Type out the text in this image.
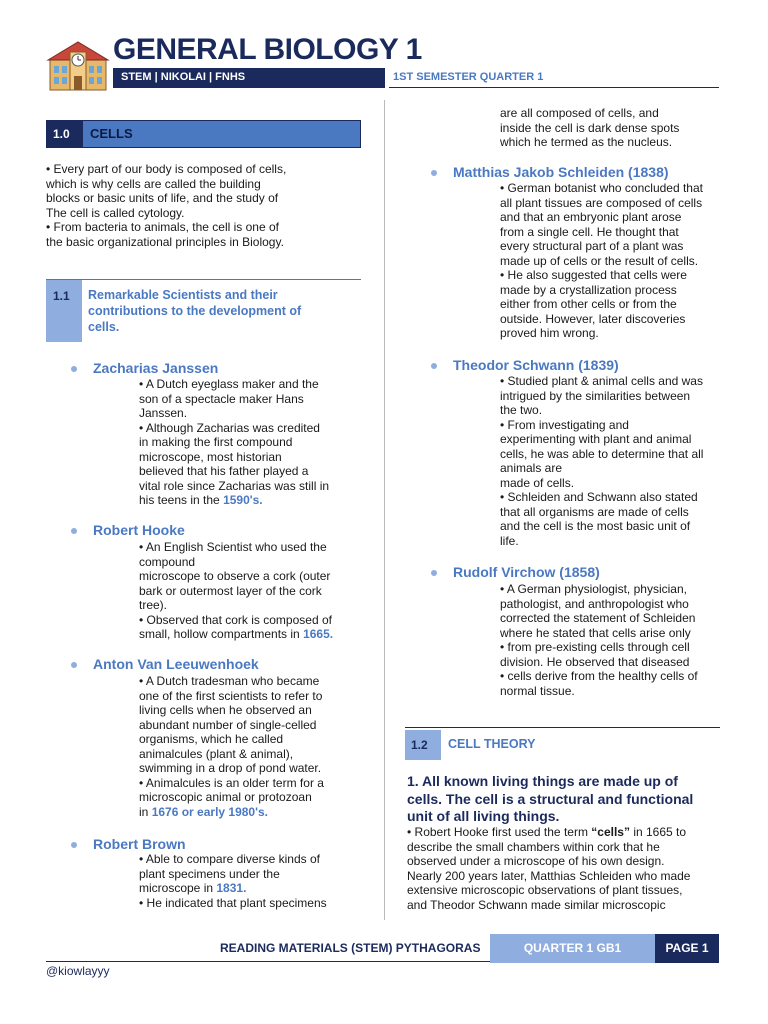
GENERAL BIOLOGY 1
STEM | NIKOLAI | FNHS	1ST SEMESTER QUARTER 1
1.0	CELLS
• Every part of our body is composed of cells,
which is why cells are called the building
blocks or basic units of life, and the study of
The cell is called cytology.
• From bacteria to animals, the cell is one of
the basic organizational principles in Biology.
1.1	Remarkable Scientists and their
contributions to the development of
cells.
Zacharias Janssen
• A Dutch eyeglass maker and the
son of a spectacle maker Hans
Janssen.
• Although Zacharias was credited
in making the first compound
microscope, most historian
believed that his father played a
vital role since Zacharias was still in
his teens in the 1590's.
Robert Hooke
• An English Scientist who used the
compound
microscope to observe a cork (outer
bark or outermost layer of the cork
tree).
• Observed that cork is composed of
small, hollow compartments in 1665.
Anton Van Leeuwenhoek
• A Dutch tradesman who became
one of the first scientists to refer to
living cells when he observed an
abundant number of single-celled
organisms, which he called
animalcules (plant & animal),
swimming in a drop of pond water.
• Animalcules is an older term for a
microscopic animal or protozoan
in 1676 or early 1980's.
Robert Brown
• Able to compare diverse kinds of
plant specimens under the
microscope in 1831.
• He indicated that plant specimens
are all composed of cells, and
inside the cell is dark dense spots
which he termed as the nucleus.
Matthias Jakob Schleiden (1838)
• German botanist who concluded that
all plant tissues are composed of cells
and that an embryonic plant arose
from a single cell. He thought that
every structural part of a plant was
made up of cells or the result of cells.
• He also suggested that cells were
made by a crystallization process
either from other cells or from the
outside. However, later discoveries
proved him wrong.
Theodor Schwann (1839)
• Studied plant & animal cells and was
intrigued by the similarities between
the two.
• From investigating and
experimenting with plant and animal
cells, he was able to determine that all
animals are
made of cells.
• Schleiden and Schwann also stated
that all organisms are made of cells
and the cell is the most basic unit of
life.
Rudolf Virchow (1858)
• A German physiologist, physician,
pathologist, and anthropologist who
corrected the statement of Schleiden
where he stated that cells arise only
• from pre-existing cells through cell
division. He observed that diseased
• cells derive from the healthy cells of
normal tissue.
1.2	CELL THEORY
1. All known living things are made up of
cells. The cell is a structural and functional
unit of all living things.
• Robert Hooke first used the term “cells” in 1665 to
describe the small chambers within cork that he
observed under a microscope of his own design.
Nearly 200 years later, Matthias Schleiden who made
extensive microscopic observations of plant tissues,
and Theodor Schwann made similar microscopic
READING MATERIALS (STEM) PYTHAGORAS	QUARTER 1 GB1	PAGE 1
@kiowlayyy
